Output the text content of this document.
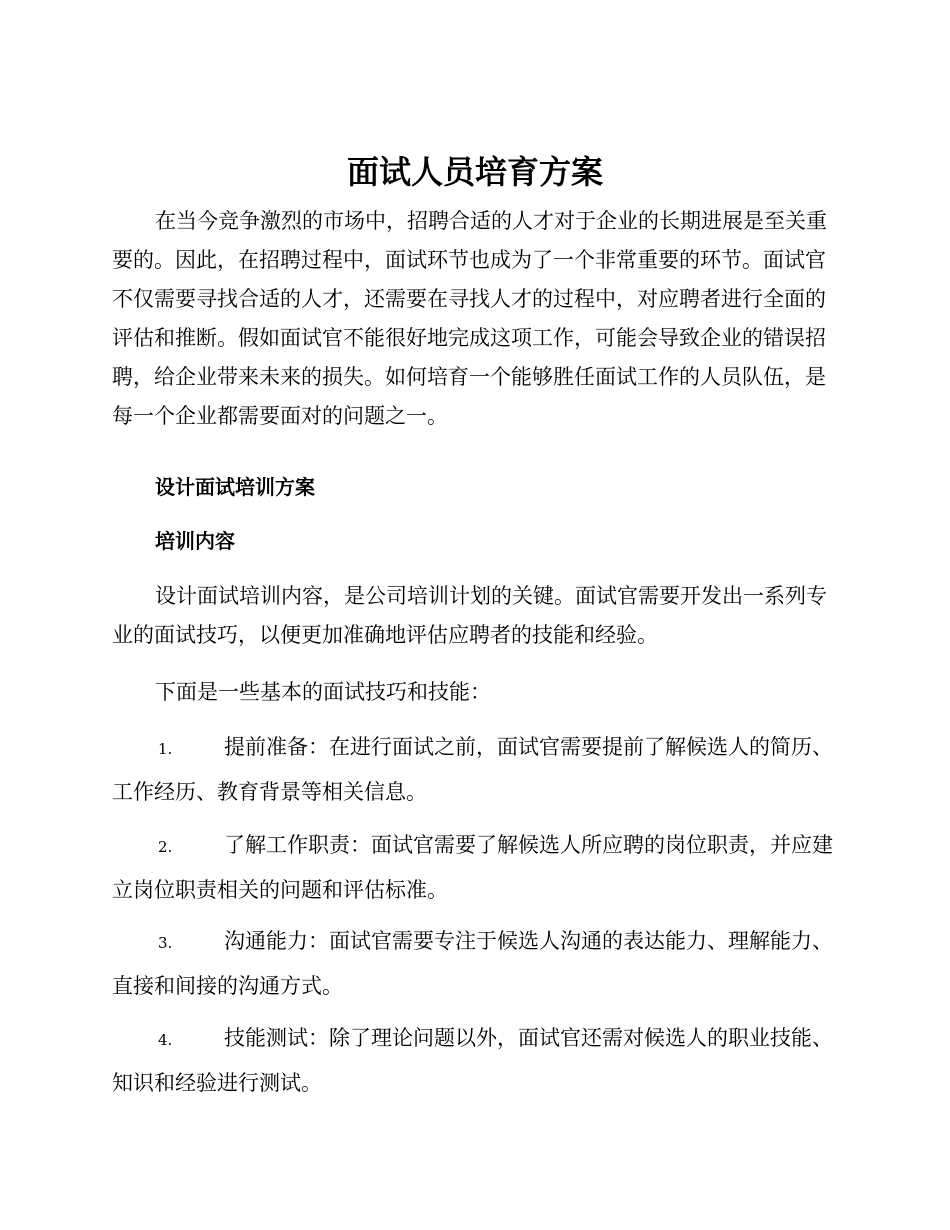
面试人员培育方案

在当今竞争激烈的市场中，招聘合适的人才对于企业的长期进展是至关重要的。因此，在招聘过程中，面试环节也成为了一个非常重要的环节。面试官不仅需要寻找合适的人才，还需要在寻找人才的过程中，对应聘者进行全面的评估和推断。假如面试官不能很好地完成这项工作，可能会导致企业的错误招聘，给企业带来未来的损失。如何培育一个能够胜任面试工作的人员队伍，是每一个企业都需要面对的问题之一。

设计面试培训方案
培训内容

设计面试培训内容，是公司培训计划的关键。面试官需要开发出一系列专业的面试技巧，以便更加准确地评估应聘者的技能和经验。

下面是一些基本的面试技巧和技能：

1. 提前准备：在进行面试之前，面试官需要提前了解候选人的简历、工作经历、教育背景等相关信息。

2. 了解工作职责：面试官需要了解候选人所应聘的岗位职责，并应建立岗位职责相关的问题和评估标准。

3. 沟通能力：面试官需要专注于候选人沟通的表达能力、理解能力、直接和间接的沟通方式。

4. 技能测试：除了理论问题以外，面试官还需对候选人的职业技能、知识和经验进行测试。
